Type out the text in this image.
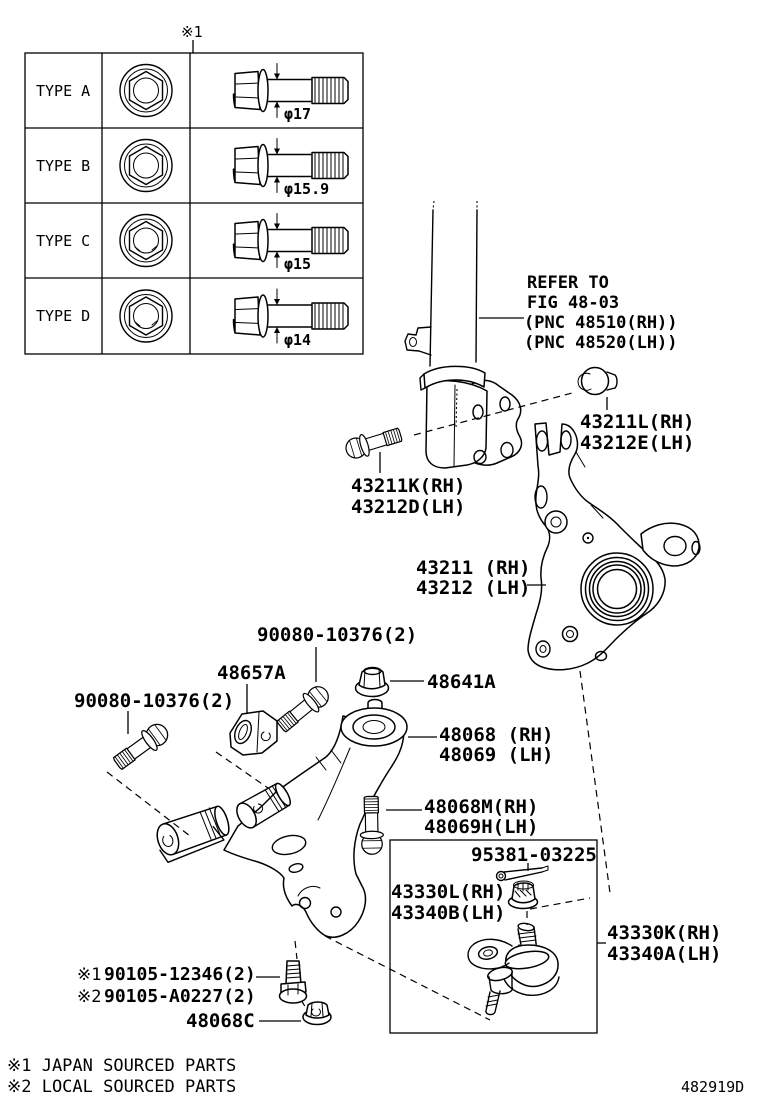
TYPE A
φ17
TYPE B
φ15.9
TYPE C
φ15
TYPE D
φ14
※1
REFER TO
FIG 48-03
(PNC 48510(RH))
(PNC 48520(LH))
43211L(RH)
43212E(LH)
43211K(RH)
43212D(LH)
43211 (RH)
43212 (LH)
90080-10376(2)
48657A	48641A
90080-10376(2)
48068 (RH)
48069 (LH)
48068M(RH)
48069H(LH)
95381-03225
43330L(RH)
43340B(LH)
43330K(RH)
43340A(LH)
※1 90105-12346(2)
※2 90105-A0227(2)
48068C
※1 JAPAN SOURCED PARTS
※2 LOCAL SOURCED PARTS	482919D
